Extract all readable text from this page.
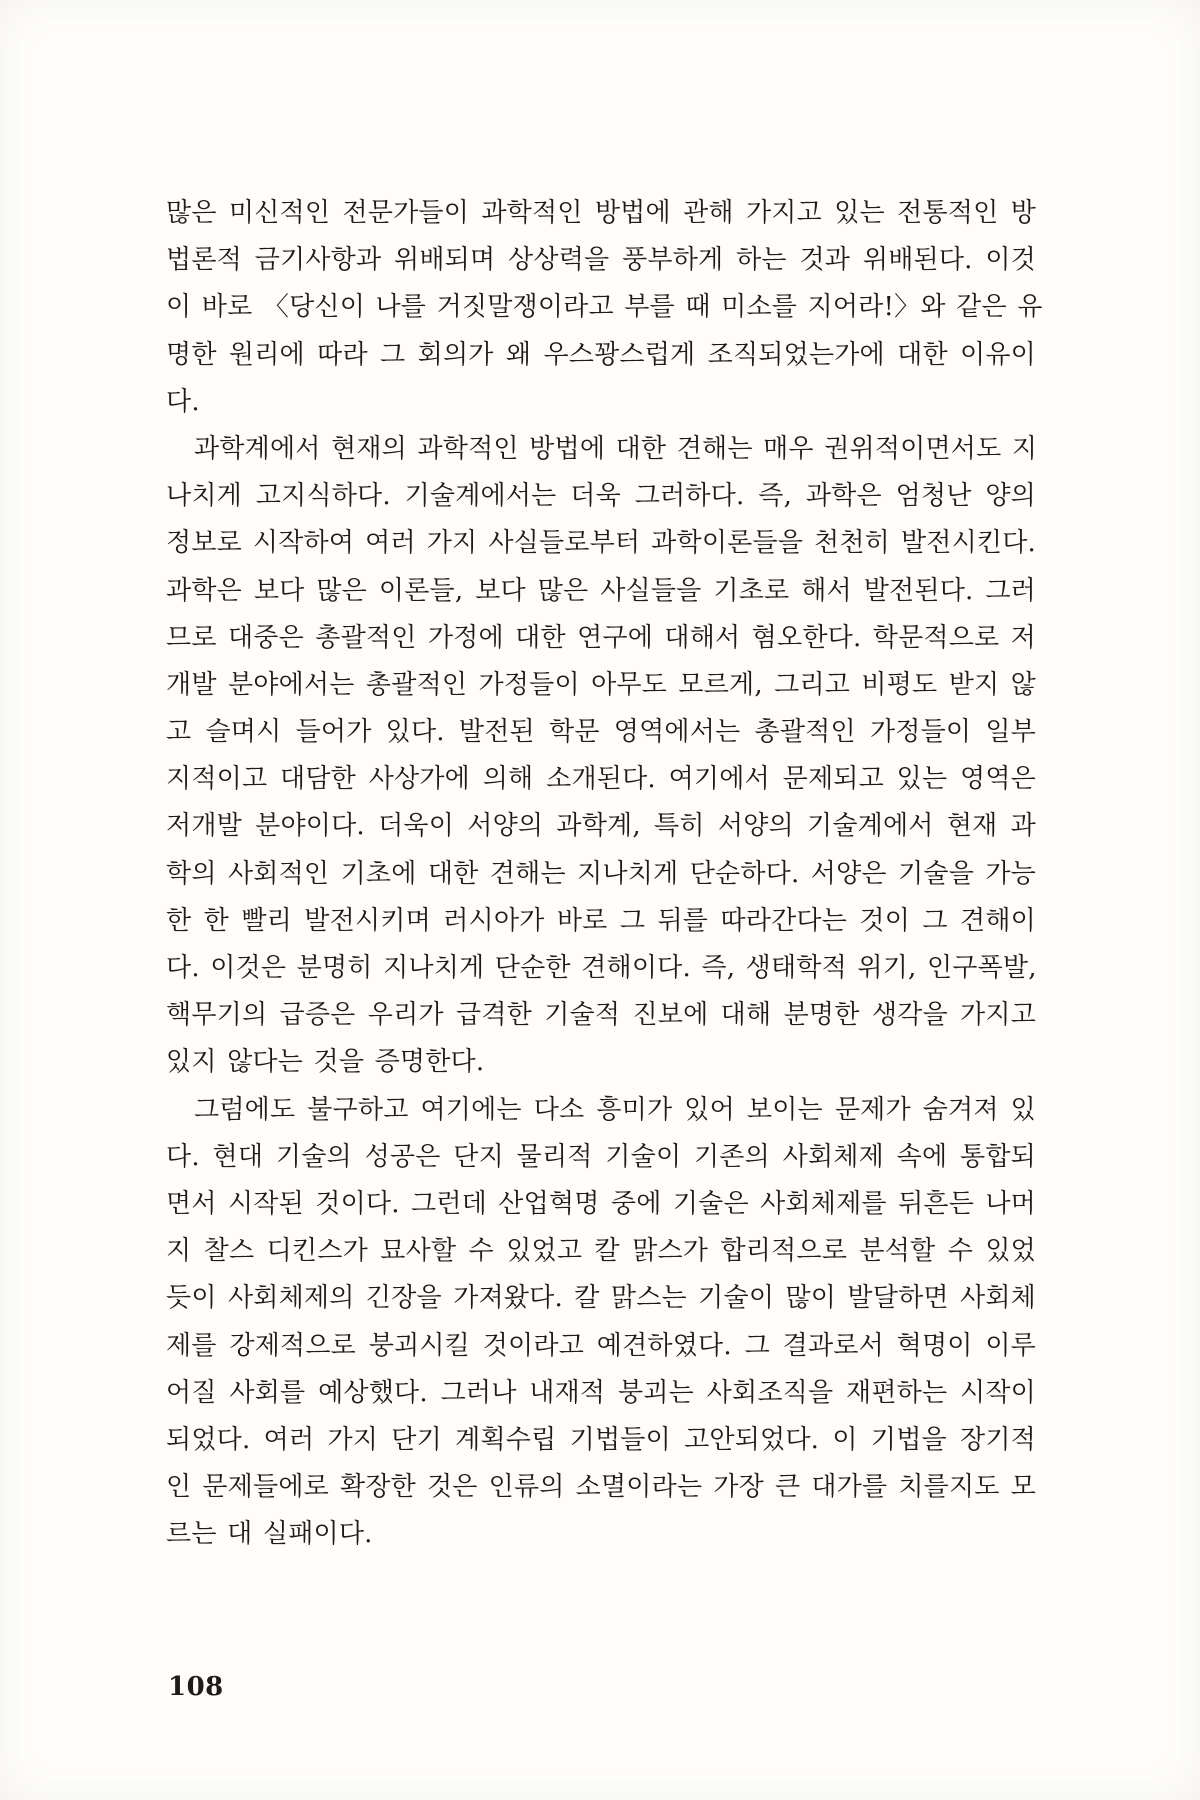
많은 미신적인 전문가들이 과학적인 방법에 관해 가지고 있는 전통적인 방
법론적 금기사항과 위배되며 상상력을 풍부하게 하는 것과 위배된다. 이것
이 바로 〈당신이 나를 거짓말쟁이라고 부를 때 미소를 지어라!〉와 같은 유
명한 원리에 따라 그 회의가 왜 우스꽝스럽게 조직되었는가에 대한 이유이
다.
과학계에서 현재의 과학적인 방법에 대한 견해는 매우 권위적이면서도 지
나치게 고지식하다. 기술계에서는 더욱 그러하다. 즉, 과학은 엄청난 양의
정보로 시작하여 여러 가지 사실들로부터 과학이론들을 천천히 발전시킨다.
과학은 보다 많은 이론들, 보다 많은 사실들을 기초로 해서 발전된다. 그러
므로 대중은 총괄적인 가정에 대한 연구에 대해서 혐오한다. 학문적으로 저
개발 분야에서는 총괄적인 가정들이 아무도 모르게, 그리고 비평도 받지 않
고 슬며시 들어가 있다. 발전된 학문 영역에서는 총괄적인 가정들이 일부
지적이고 대담한 사상가에 의해 소개된다. 여기에서 문제되고 있는 영역은
저개발 분야이다. 더욱이 서양의 과학계, 특히 서양의 기술계에서 현재 과
학의 사회적인 기초에 대한 견해는 지나치게 단순하다. 서양은 기술을 가능
한 한 빨리 발전시키며 러시아가 바로 그 뒤를 따라간다는 것이 그 견해이
다. 이것은 분명히 지나치게 단순한 견해이다. 즉, 생태학적 위기, 인구폭발,
핵무기의 급증은 우리가 급격한 기술적 진보에 대해 분명한 생각을 가지고
있지 않다는 것을 증명한다.
그럼에도 불구하고 여기에는 다소 흥미가 있어 보이는 문제가 숨겨져 있
다. 현대 기술의 성공은 단지 물리적 기술이 기존의 사회체제 속에 통합되
면서 시작된 것이다. 그런데 산업혁명 중에 기술은 사회체제를 뒤흔든 나머
지 찰스 디킨스가 묘사할 수 있었고 칼 맑스가 합리적으로 분석할 수 있었
듯이 사회체제의 긴장을 가져왔다. 칼 맑스는 기술이 많이 발달하면 사회체
제를 강제적으로 붕괴시킬 것이라고 예견하였다. 그 결과로서 혁명이 이루
어질 사회를 예상했다. 그러나 내재적 붕괴는 사회조직을 재편하는 시작이
되었다. 여러 가지 단기 계획수립 기법들이 고안되었다. 이 기법을 장기적
인 문제들에로 확장한 것은 인류의 소멸이라는 가장 큰 대가를 치를지도 모
르는 대 실패이다.
108
